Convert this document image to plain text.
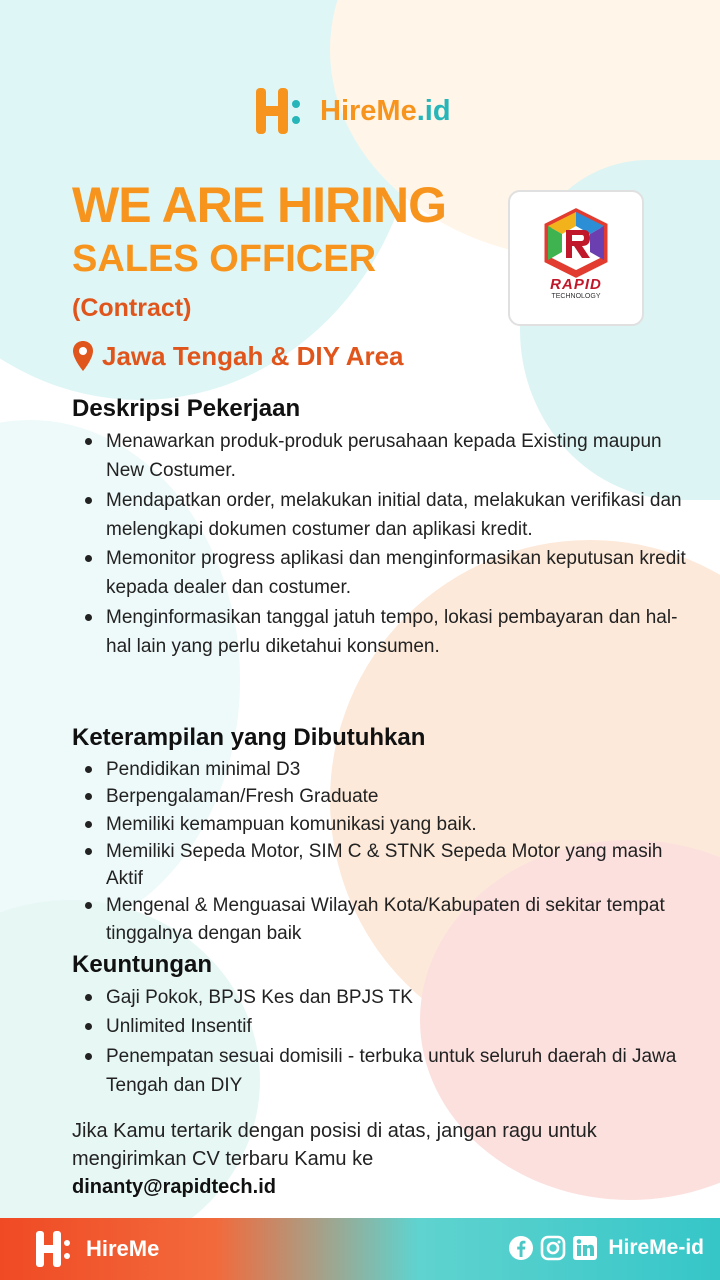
HireMe.id
WE ARE HIRING
SALES OFFICER
(Contract)
RAPID
TECHNOLOGY
Jawa Tengah & DIY Area
Deskripsi Pekerjaan
Menawarkan produk-produk perusahaan kepada Existing maupun New Costumer.
Mendapatkan order, melakukan initial data, melakukan verifikasi dan melengkapi dokumen costumer dan aplikasi kredit.
Memonitor progress aplikasi dan menginformasikan keputusan kredit kepada dealer dan costumer.
Menginformasikan tanggal jatuh tempo, lokasi pembayaran dan hal-hal lain yang perlu diketahui konsumen.
Keterampilan yang Dibutuhkan
Pendidikan minimal D3
Berpengalaman/Fresh Graduate
Memiliki kemampuan komunikasi yang baik.
Memiliki Sepeda Motor, SIM C & STNK Sepeda Motor yang masih Aktif
Mengenal & Menguasai Wilayah Kota/Kabupaten di sekitar tempat tinggalnya dengan baik
Keuntungan
Gaji Pokok, BPJS Kes dan BPJS TK
Unlimited Insentif
Penempatan sesuai domisili - terbuka untuk seluruh daerah di Jawa Tengah dan DIY
Jika Kamu tertarik dengan posisi di atas, jangan ragu untuk mengirimkan CV terbaru Kamu ke
dinanty@rapidtech.id
HireMe	HireMe-id
